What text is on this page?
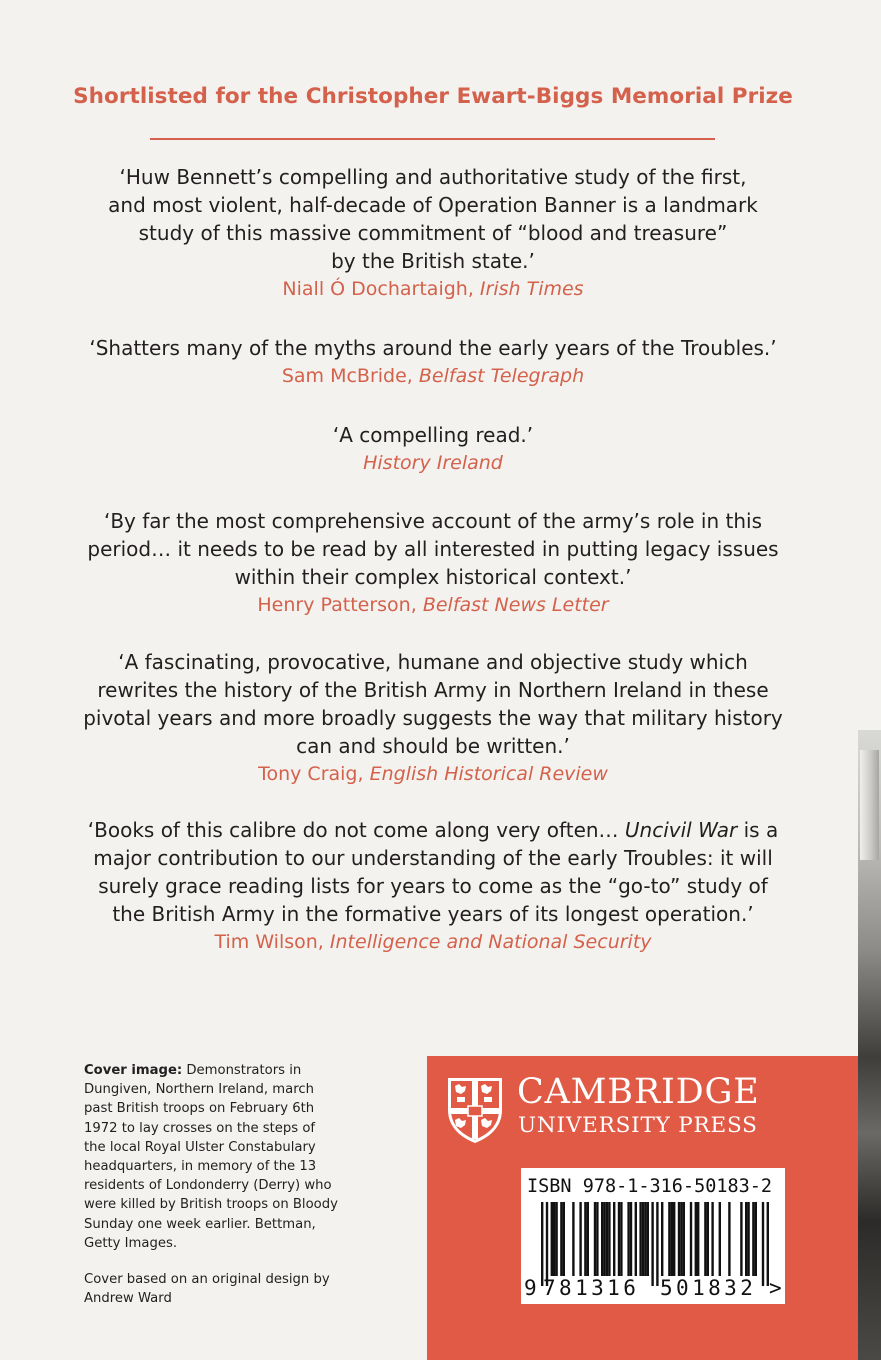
Shortlisted for the Christopher Ewart-Biggs Memorial Prize
‘Huw Bennett’s compelling and authoritative study of the first,
and most violent, half-decade of Operation Banner is a landmark
study of this massive commitment of “blood and treasure”
by the British state.’
Niall Ó Dochartaigh, Irish Times
‘Shatters many of the myths around the early years of the Troubles.’
Sam McBride, Belfast Telegraph
‘A compelling read.’
History Ireland
‘By far the most comprehensive account of the army’s role in this
period… it needs to be read by all interested in putting legacy issues
within their complex historical context.’
Henry Patterson, Belfast News Letter
‘A fascinating, provocative, humane and objective study which
rewrites the history of the British Army in Northern Ireland in these
pivotal years and more broadly suggests the way that military history
can and should be written.’
Tony Craig, English Historical Review
‘Books of this calibre do not come along very often… Uncivil War is a
major contribution to our understanding of the early Troubles: it will
surely grace reading lists for years to come as the “go-to” study of
the British Army in the formative years of its longest operation.’
Tim Wilson, Intelligence and National Security
Cover image: Demonstrators in
Dungiven, Northern Ireland, march
past British troops on February 6th
1972 to lay crosses on the steps of
the local Royal Ulster Constabulary
headquarters, in memory of the 13
residents of Londonderry (Derry) who
were killed by British troops on Bloody
Sunday one week earlier. Bettman,
Getty Images.
Cover based on an original design by
Andrew Ward
CAMBRIDGE
UNIVERSITY PRESS
ISBN 978-1-316-50183-2
9 781316 501832 >
